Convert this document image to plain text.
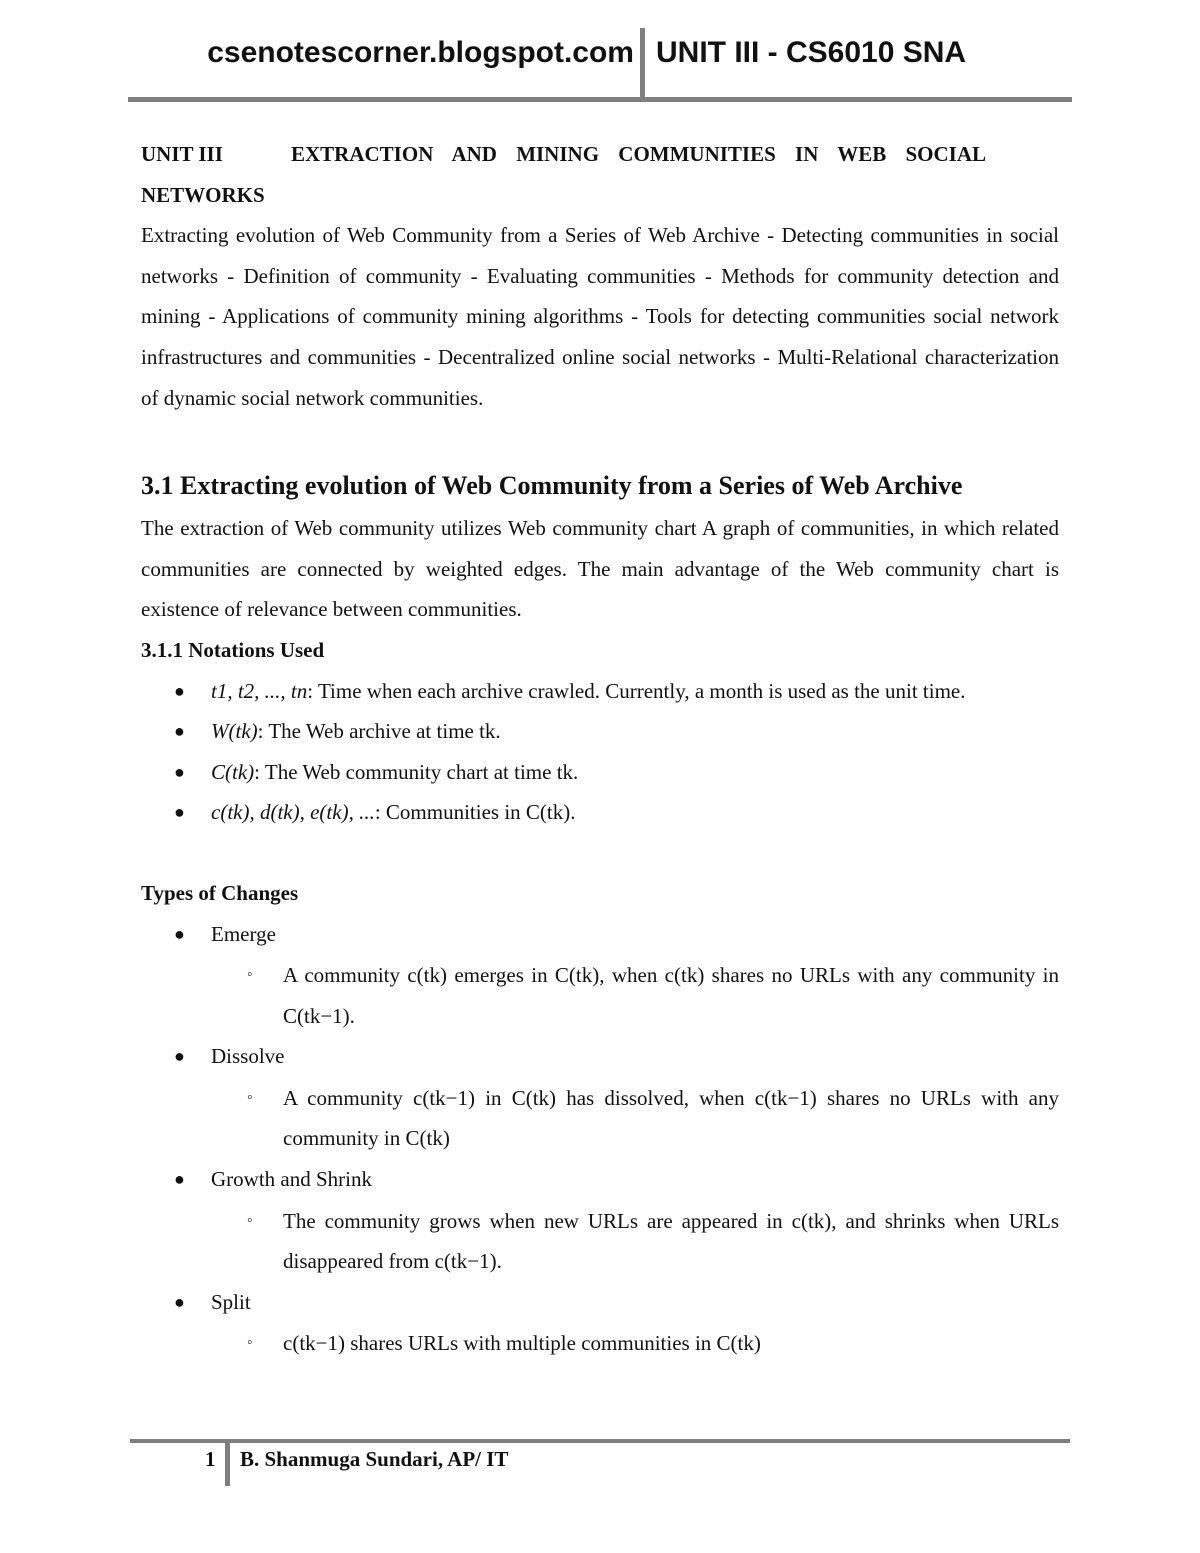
csenotescorner.blogspot.com UNIT III - CS6010 SNA

UNIT III	EXTRACTION AND MINING COMMUNITIES IN WEB SOCIAL

NETWORKS

Extracting evolution of Web Community from a Series of Web Archive - Detecting communities in social networks - Definition of community - Evaluating communities - Methods for community detection and mining - Applications of community mining algorithms - Tools for detecting communities social network infrastructures and communities - Decentralized online social networks - Multi-Relational characterization of dynamic social network communities.

3.1 Extracting evolution of Web Community from a Series of Web Archive

The extraction of Web community utilizes Web community chart A graph of communities, in which related communities are connected by weighted edges. The main advantage of the Web community chart is existence of relevance between communities.

3.1.1 Notations Used

● t1, t2, ..., tn: Time when each archive crawled. Currently, a month is used as the unit time.
● W(tk): The Web archive at time tk.
● C(tk): The Web community chart at time tk.
● c(tk), d(tk), e(tk), ...: Communities in C(tk).

Types of Changes

● Emerge
◦ A community c(tk) emerges in C(tk), when c(tk) shares no URLs with any community in C(tk−1).
● Dissolve
◦ A community c(tk−1) in C(tk) has dissolved, when c(tk−1) shares no URLs with any community in C(tk)
● Growth and Shrink
◦ The community grows when new URLs are appeared in c(tk), and shrinks when URLs disappeared from c(tk−1).
● Split
◦ c(tk−1) shares URLs with multiple communities in C(tk)
1 B. Shanmuga Sundari, AP/ IT
